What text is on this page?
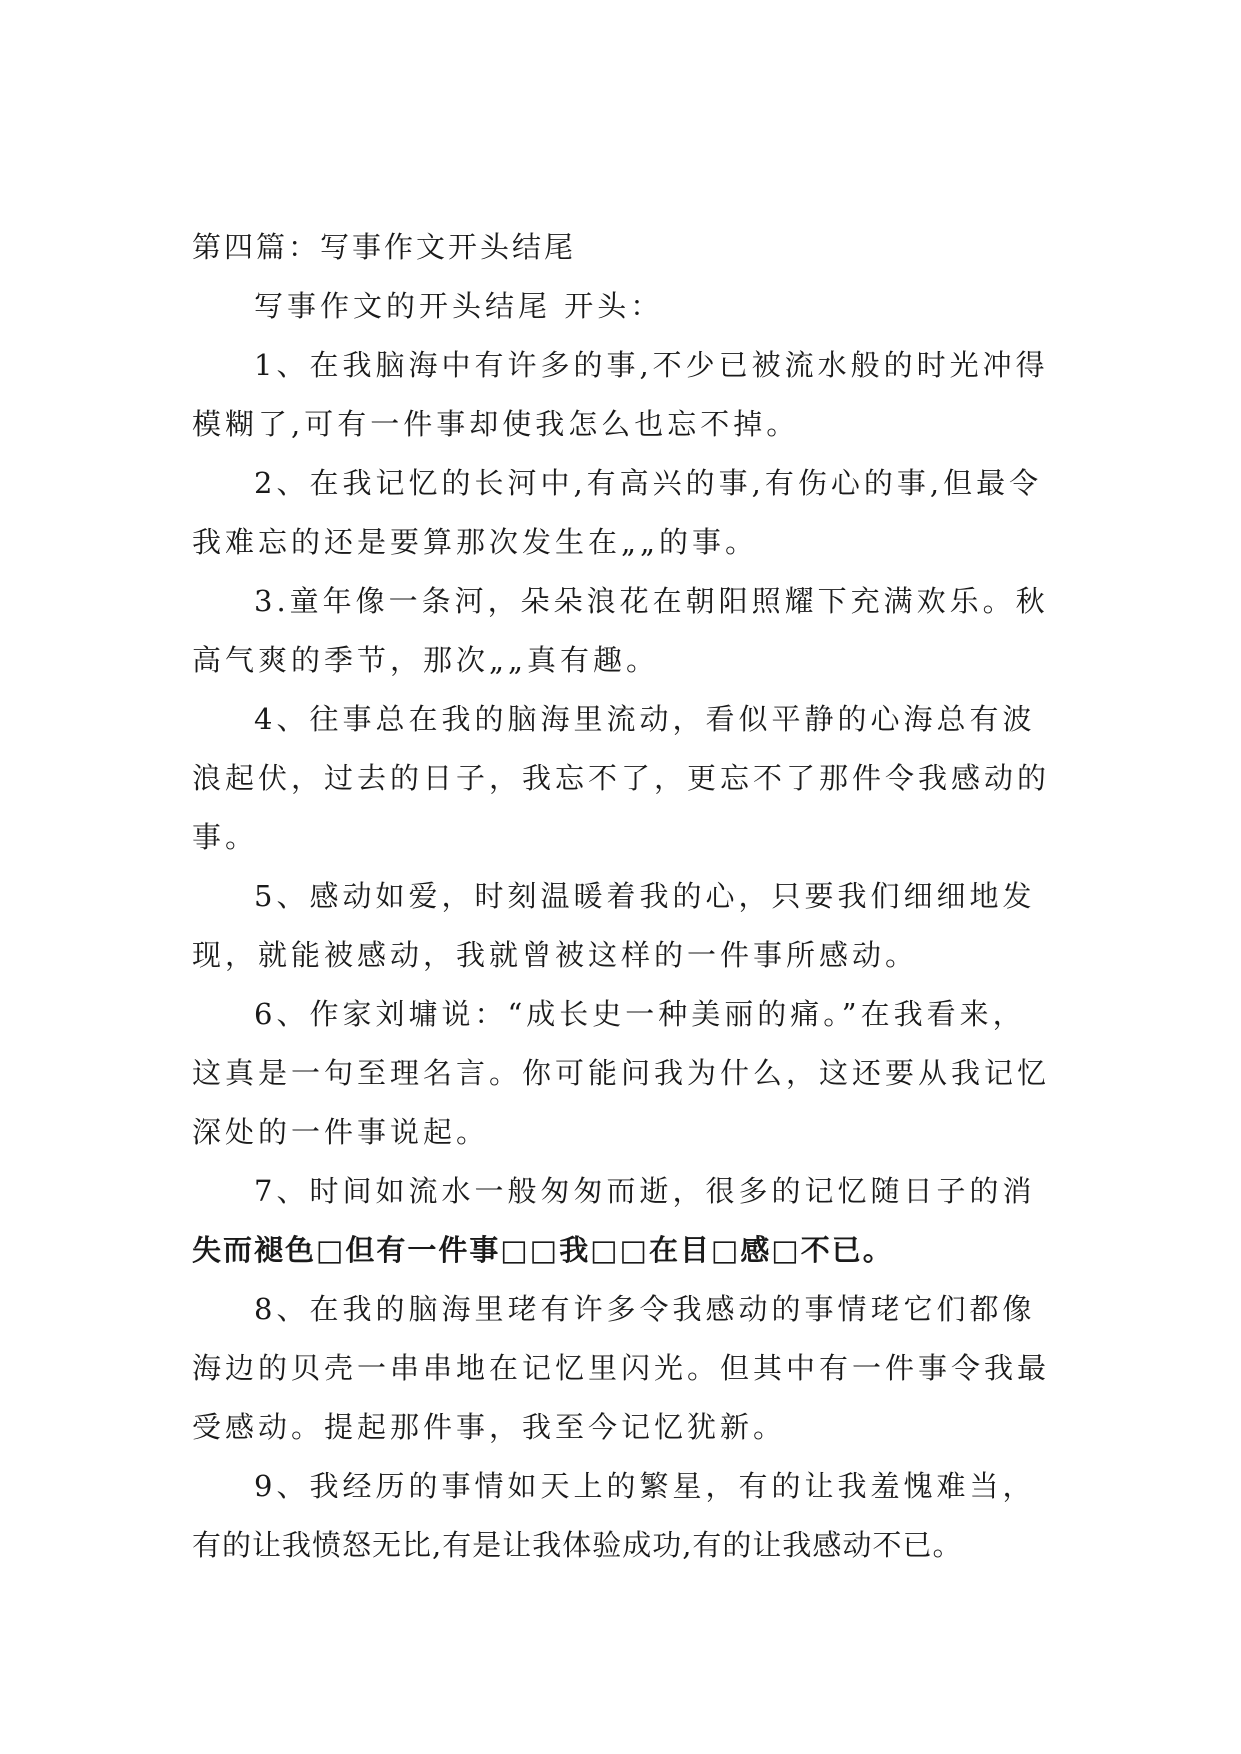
第四篇：写事作文开头结尾

写事作文的开头结尾 开头：

1、在我脑海中有许多的事,不少已被流水般的时光冲得

模糊了,可有一件事却使我怎么也忘不掉。

2、在我记忆的长河中,有高兴的事,有伤心的事,但最令

我难忘的还是要算那次发生在„„的事。

3.童年像一条河，朵朵浪花在朝阳照耀下充满欢乐。秋

高气爽的季节，那次„„真有趣。

4、往事总在我的脑海里流动，看似平静的心海总有波

浪起伏，过去的日子，我忘不了，更忘不了那件令我感动的

事。

5、感动如爱，时刻温暖着我的心，只要我们细细地发

现，就能被感动，我就曾被这样的一件事所感动。

6、作家刘墉说：“成长史一种美丽的痛。”在我看来，

这真是一句至理名言。你可能问我为什么，这还要从我记忆

深处的一件事说起。

7、时间如流水一般匆匆而逝，很多的记忆随日子的消

失而褪色□但有一件事□□我□□在目□感□不已。

8、在我的脑海里珯有许多令我感动的事情珯它们都像

海边的贝壳一串串地在记忆里闪光。但其中有一件事令我最

受感动。提起那件事，我至今记忆犹新。

9、我经历的事情如天上的繁星，有的让我羞愧难当，

有的让我愤怒无比,有是让我体验成功,有的让我感动不已。
